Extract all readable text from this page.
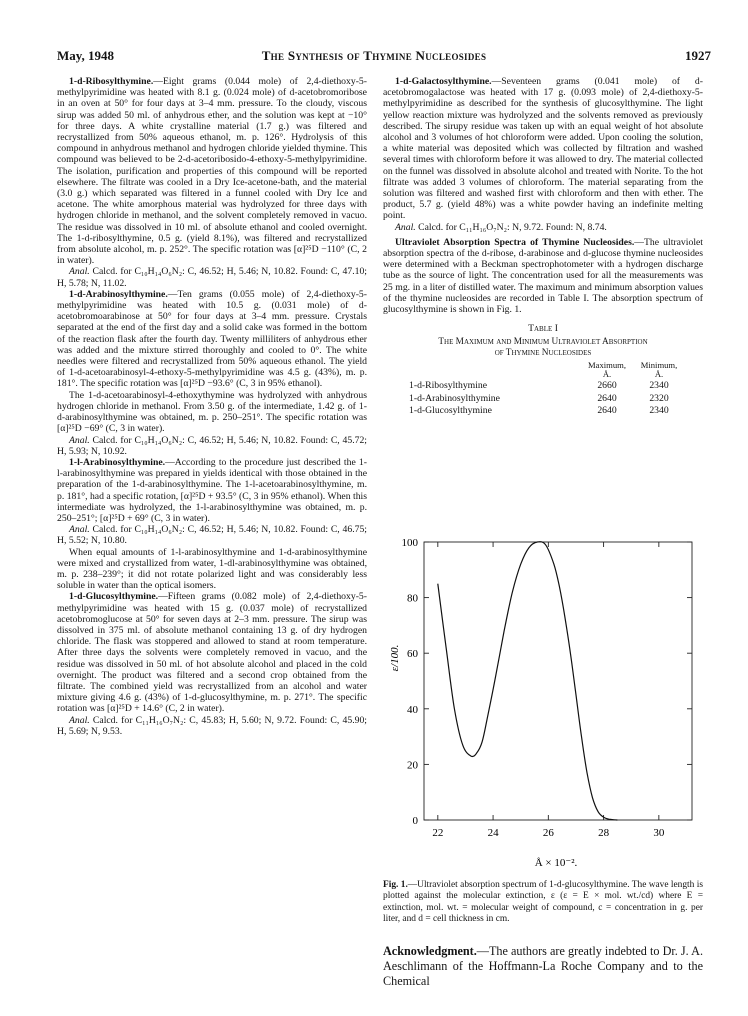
May, 1948	The Synthesis of Thymine Nucleosides	1927

1-d-Ribosylthymine.—Eight grams (0.044 mole) of 2,4-diethoxy-5-methylpyrimidine was heated with 8.1 g. (0.024 mole) of d-acetobromoribose in an oven at 50° for four days at 3–4 mm. pressure. To the cloudy, viscous sirup was added 50 ml. of anhydrous ether, and the solution was kept at −10° for three days. A white crystalline material (1.7 g.) was filtered and recrystallized from 50% aqueous ethanol, m. p. 126°. Hydrolysis of this compound in anhydrous methanol and hydrogen chloride yielded thymine. This compound was believed to be 2-d-acetoribosido-4-ethoxy-5-methylpyrimidine. The isolation, purification and properties of this compound will be reported elsewhere. The filtrate was cooled in a Dry Ice-acetone-bath, and the material (3.0 g.) which separated was filtered in a funnel cooled with Dry Ice and acetone. The white amorphous material was hydrolyzed for three days with hydrogen chloride in methanol, and the solvent completely removed in vacuo. The residue was dissolved in 10 ml. of absolute ethanol and cooled overnight. The 1-d-ribosylthymine, 0.5 g. (yield 8.1%), was filtered and recrystallized from absolute alcohol, m. p. 252°. The specific rotation was [α]²⁵D −110° (C, 2 in water).

Anal. Calcd. for C₁₀H₁₄O₆N₂: C, 46.52; H, 5.46; N, 10.82. Found: C, 47.10; H, 5.78; N, 11.02.

1-d-Arabinosylthymine.—Ten grams (0.055 mole) of 2,4-diethoxy-5-methylpyrimidine was heated with 10.5 g. (0.031 mole) of d-acetobromoarabinose at 50° for four days at 3–4 mm. pressure. Crystals separated at the end of the first day and a solid cake was formed in the bottom of the reaction flask after the fourth day. Twenty milliliters of anhydrous ether was added and the mixture stirred thoroughly and cooled to 0°. The white needles were filtered and recrystallized from 50% aqueous ethanol. The yield of 1-d-acetoarabinosyl-4-ethoxy-5-methylpyrimidine was 4.5 g. (43%), m. p. 181°. The specific rotation was [α]²⁵D −93.6° (C, 3 in 95% ethanol).

The 1-d-acetoarabinosyl-4-ethoxythymine was hydrolyzed with anhydrous hydrogen chloride in methanol. From 3.50 g. of the intermediate, 1.42 g. of 1-d-arabinosylthymine was obtained, m. p. 250–251°. The specific rotation was [α]²⁵D −69° (C, 3 in water).

Anal. Calcd. for C₁₀H₁₄O₆N₂: C, 46.52; H, 5.46; N, 10.82. Found: C, 45.72; H, 5.93; N, 10.92.

1-l-Arabinosylthymine.—According to the procedure just described the 1-l-arabinosylthymine was prepared in yields identical with those obtained in the preparation of the 1-d-arabinosylthymine. The 1-l-acetoarabinosylthymine, m. p. 181°, had a specific rotation, [α]²⁵D + 93.5° (C, 3 in 95% ethanol). When this intermediate was hydrolyzed, the 1-l-arabinosylthymine was obtained, m. p. 250–251°; [α]²⁵D + 69° (C, 3 in water).

Anal. Calcd. for C₁₀H₁₄O₆N₂: C, 46.52; H, 5.46; N, 10.82. Found: C, 46.75; H, 5.52; N, 10.80.

When equal amounts of 1-l-arabinosylthymine and 1-d-arabinosylthymine were mixed and crystallized from water, 1-dl-arabinosylthymine was obtained, m. p. 238–239°; it did not rotate polarized light and was considerably less soluble in water than the optical isomers.

1-d-Glucosylthymine.—Fifteen grams (0.082 mole) of 2,4-diethoxy-5-methylpyrimidine was heated with 15 g. (0.037 mole) of recrystallized acetobromoglucose at 50° for seven days at 2–3 mm. pressure. The sirup was dissolved in 375 ml. of absolute methanol containing 13 g. of dry hydrogen chloride. The flask was stoppered and allowed to stand at room temperature. After three days the solvents were completely removed in vacuo, and the residue was dissolved in 50 ml. of hot absolute alcohol and placed in the cold overnight. The product was filtered and a second crop obtained from the filtrate. The combined yield was recrystallized from an alcohol and water mixture giving 4.6 g. (43%) of 1-d-glucosylthymine, m. p. 271°. The specific rotation was [α]²⁵D + 14.6° (C, 2 in water).

Anal. Calcd. for C₁₁H₁₆O₇N₂: C, 45.83; H, 5.60; N, 9.72. Found: C, 45.90; H, 5.69; N, 9.53.

1-d-Galactosylthymine.—Seventeen grams (0.041 mole) of d-acetobromogalactose was heated with 17 g. (0.093 mole) of 2,4-diethoxy-5-methylpyrimidine as described for the synthesis of glucosylthymine. The light yellow reaction mixture was hydrolyzed and the solvents removed as previously described. The sirupy residue was taken up with an equal weight of hot absolute alcohol and 3 volumes of hot chloroform were added. Upon cooling the solution, a white material was deposited which was collected by filtration and washed several times with chloroform before it was allowed to dry. The material collected on the funnel was dissolved in absolute alcohol and treated with Norite. To the hot filtrate was added 3 volumes of chloroform. The material separating from the solution was filtered and washed first with chloroform and then with ether. The product, 5.7 g. (yield 48%) was a white powder having an indefinite melting point.

Anal. Calcd. for C₁₁H₁₆O₇N₂: N, 9.72. Found: N, 8.74.

Ultraviolet Absorption Spectra of Thymine Nucleosides.—The ultraviolet absorption spectra of the d-ribose, d-arabinose and d-glucose thymine nucleosides were determined with a Beckman spectrophotometer with a hydrogen discharge tube as the source of light. The concentration used for all the measurements was 25 mg. in a liter of distilled water. The maximum and minimum absorption values of the thymine nucleosides are recorded in Table I. The absorption spectrum of glucosylthymine is shown in Fig. 1.

Table I
The Maximum and Minimum Ultraviolet Absorption
of Thymine Nucleosides
	Maximum,
Å.	Minimum,
Å.
1-d-Ribosylthymine	2660	2340
1-d-Arabinosylthymine	2640	2320
1-d-Glucosylthymine	2640	2340
0
20
40
60
80
100
22	24	26	28	30
ε/100.
Å × 10⁻².
Fig. 1.—Ultraviolet absorption spectrum of 1-d-glucosylthymine. The wave length is plotted against the molecular extinction, ε (ε = E × mol. wt./cd) where E = extinction, mol. wt. = molecular weight of compound, c = concentration in g. per liter, and d = cell thickness in cm.
Acknowledgment.—The authors are greatly indebted to Dr. J. A. Aeschlimann of the Hoffmann-La Roche Company and to the Chemical
